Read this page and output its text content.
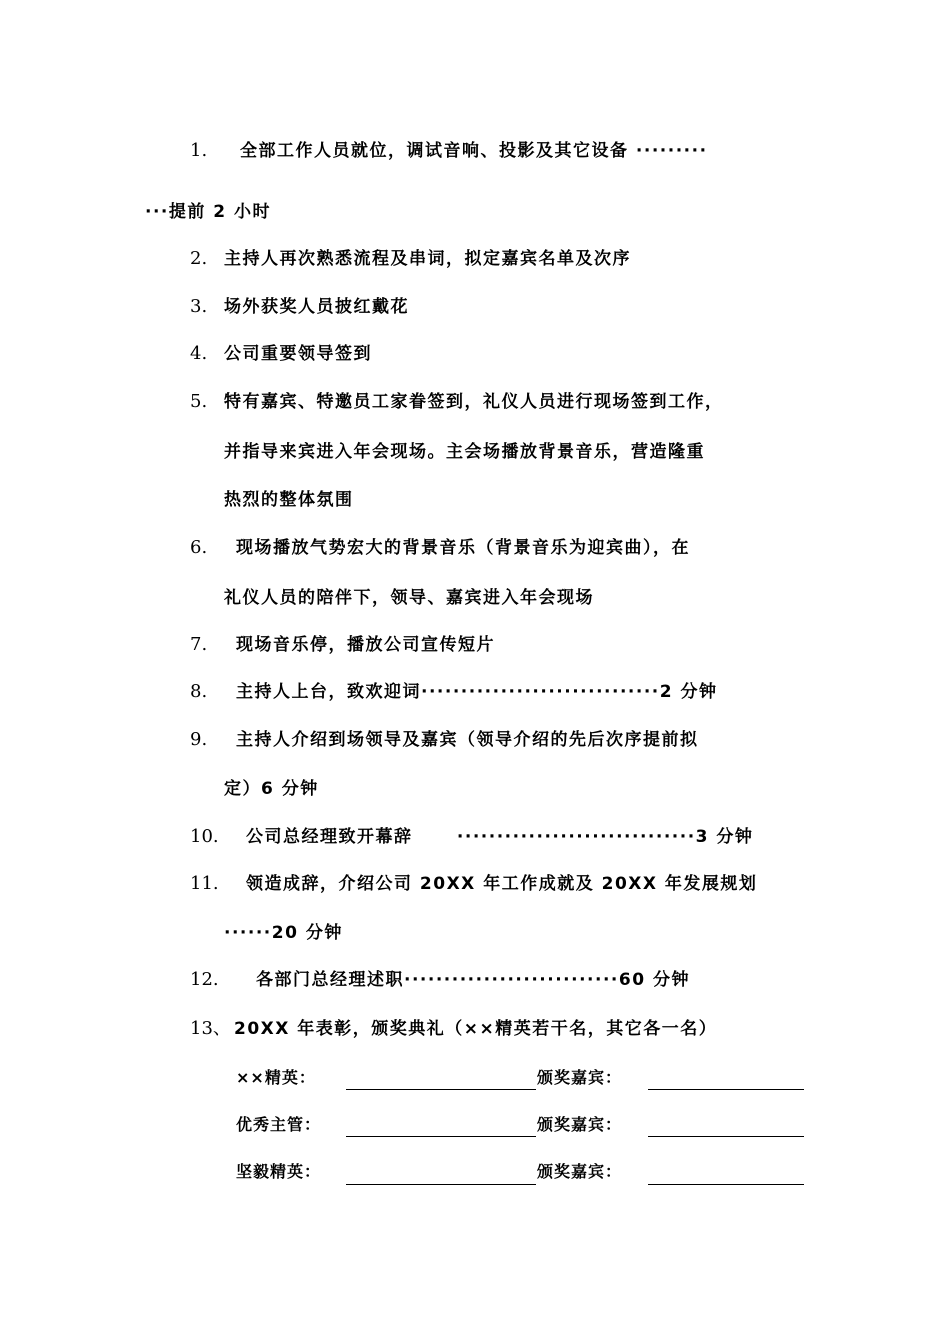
1. 全部工作人员就位，调试音响、投影及其它设备 ·········
···提前 2 小时
2. 主持人再次熟悉流程及串词，拟定嘉宾名单及次序
3. 场外获奖人员披红戴花
4. 公司重要领导签到
5. 特有嘉宾、特邀员工家眷签到，礼仪人员进行现场签到工作，
并指导来宾进入年会现场。主会场播放背景音乐，营造隆重
热烈的整体氛围
6. 现场播放气势宏大的背景音乐（背景音乐为迎宾曲），在
礼仪人员的陪伴下，领导、嘉宾进入年会现场
7. 现场音乐停，播放公司宣传短片
8. 主持人上台，致欢迎词······························2 分钟
9. 主持人介绍到场领导及嘉宾（领导介绍的先后次序提前拟
定）6 分钟
10. 公司总经理致开幕辞　　 ······························3 分钟
11. 领造成辞，介绍公司 20XX 年工作成就及 20XX 年发展规划
······20 分钟
12. 各部门总经理述职···························60 分钟
13、 20XX 年表彰，颁奖典礼（××精英若干名，其它各一名）
××精英：	颁奖嘉宾：
优秀主管：	颁奖嘉宾：
坚毅精英：	颁奖嘉宾：
